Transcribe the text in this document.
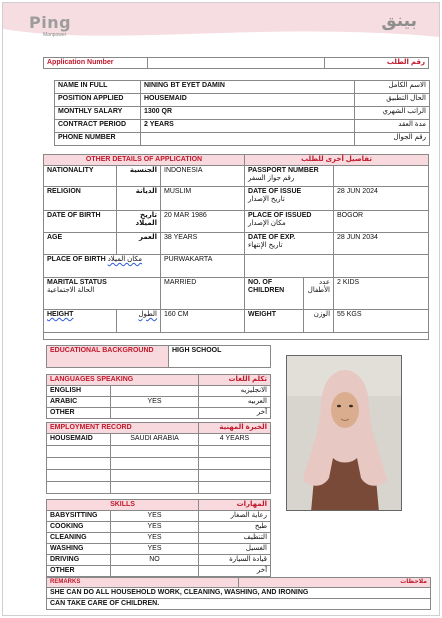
Ping
Manpower
بينق
Application Number		رقم الطلب
NAME IN FULL	NINING BT EYET DAMIN	الاسم الكامل
POSITION APPLIED	HOUSEMAID	الحال التطبيق
MONTHLY SALARY	1300 QR	الراتب الشهري
CONTRACT PERIOD	2 YEARS	مدة العقد
PHONE NUMBER		رقم الجوال
OTHER DETAILS OF APPLICATION			تفاصيل أخرى للطلب		
NATIONALITY	الجنسية	INDONESIA	PASSPORT NUMBER
رقم جواز السفر		
RELIGION	الديانة	MUSLIM	DATE OF ISSUE
تاريخ الإصدار		28 JUN 2024
DATE OF BIRTH	تاريخ الميلاد	20 MAR 1986	PLACE OF ISSUED
مكان الإصدار		BOGOR
AGE	العمر	38 YEARS	DATE OF EXP.
تاريخ الإنتهاء		28 JUN 2034
PLACE OF BIRTH مكان الميلاد		PURWAKARTA			
MARITAL STATUS
الحالة الاجتماعية		MARRIED	NO. OF CHILDREN	عدد الأطفال	2 KIDS
HEIGHT	الطول	160 CM	WEIGHT	الوزن	55 KGS

EDUCATIONAL BACKGROUND	HIGH SCHOOL
LANGUAGES SPEAKING		تكلم اللغات
ENGLISH		الانجليزيه
ARABIC	YES	العربيه
OTHER		آخر
EMPLOYMENT RECORD		الخبرة المهنية
HOUSEMAID	SAUDI ARABIA	4 YEARS

SKILLS		المهارات
BABYSITTING	YES	رعاية الصغار
COOKING	YES	طبخ
CLEANING	YES	التنظيف
WASHING	YES	الغسيل
DRIVING	NO	قيادة السيارة
OTHER		آخر
REMARKS	ملاحظات
SHE CAN DO ALL HOUSEHOLD WORK, CLEANING, WASHING, AND IRONING
CAN TAKE CARE OF CHILDREN.
